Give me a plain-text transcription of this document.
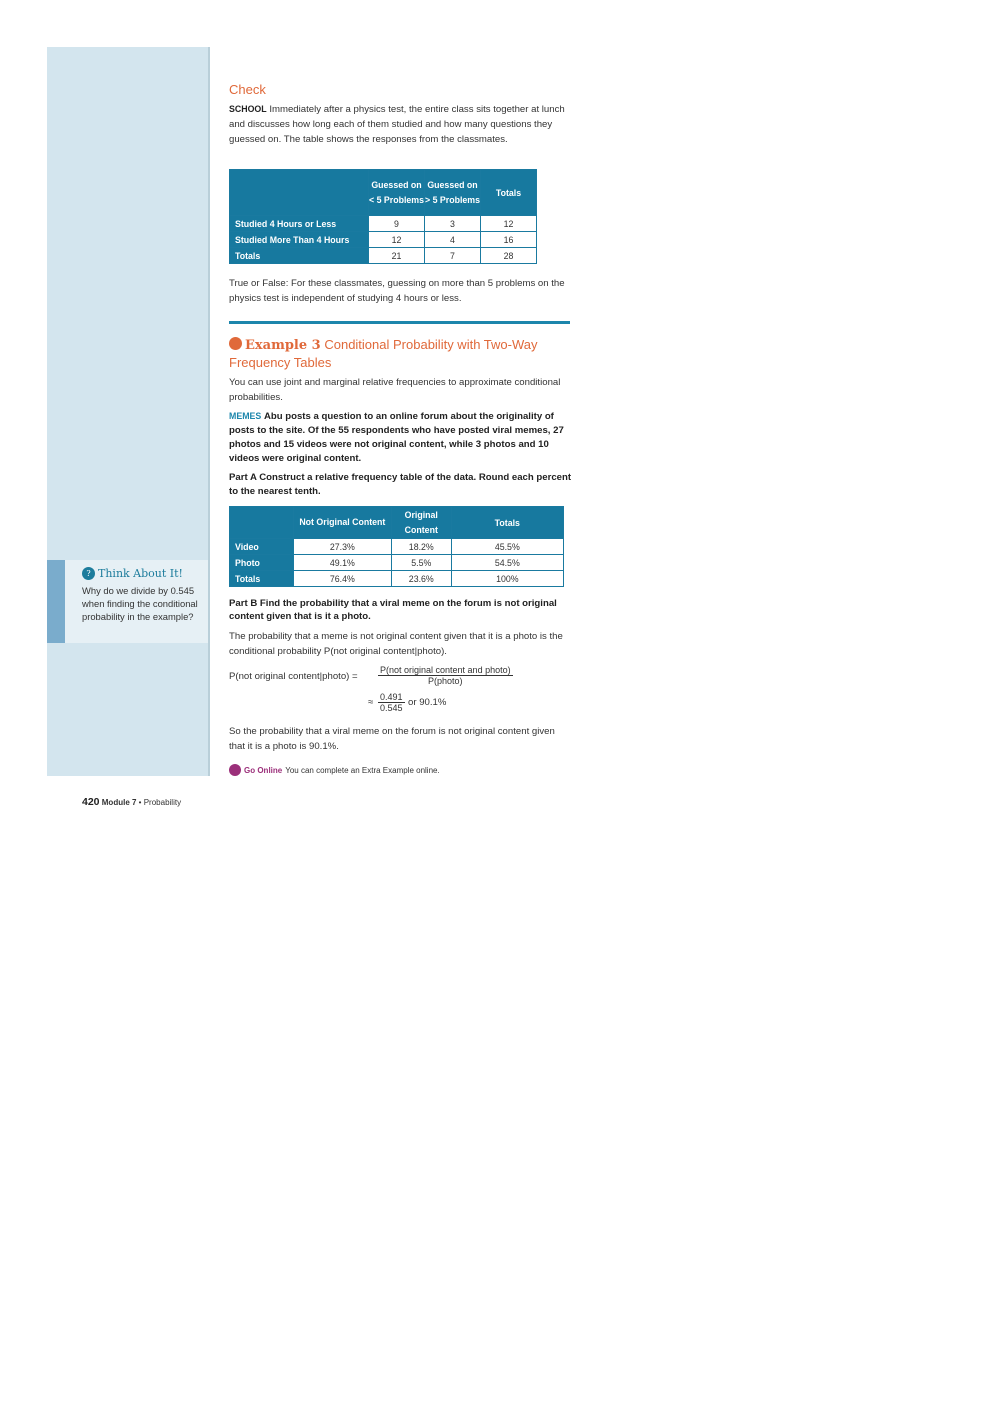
? Think About It!
Why do we divide by 0.545 when finding the conditional probability in the example?
Check
SCHOOL Immediately after a physics test, the entire class sits together at lunch and discusses how long each of them studied and how many questions they guessed on. The table shows the responses from the classmates.
	Guessed on < 5 Problems	Guessed on > 5 Problems	Totals
Studied 4 Hours or Less	9	3	12
Studied More Than 4 Hours	12	4	16
Totals	21	7	28
True or False: For these classmates, guessing on more than 5 problems on the physics test is independent of studying 4 hours or less.
Example 3 Conditional Probability with Two-Way Frequency Tables
You can use joint and marginal relative frequencies to approximate conditional probabilities.
MEMES Abu posts a question to an online forum about the originality of posts to the site. Of the 55 respondents who have posted viral memes, 27 photos and 15 videos were not original content, while 3 photos and 10 videos were original content.
Part A Construct a relative frequency table of the data. Round each percent to the nearest tenth.
	Not Original Content	Original Content	Totals
Video	27.3%	18.2%	45.5%
Photo	49.1%	5.5%	54.5%
Totals	76.4%	23.6%	100%
Part B Find the probability that a viral meme on the forum is not original content given that is it a photo.
The probability that a meme is not original content given that it is a photo is the conditional probability P(not original content|photo).
P(not original content|photo) =
P(not original content and photo)
P(photo)
≈ $\frac{0.491}{0.545}$ or 90.1%
So the probability that a viral meme on the forum is not original content given that it is a photo is 90.1%.
Go Online You can complete an Extra Example online.
420 Module 7 • Probability
